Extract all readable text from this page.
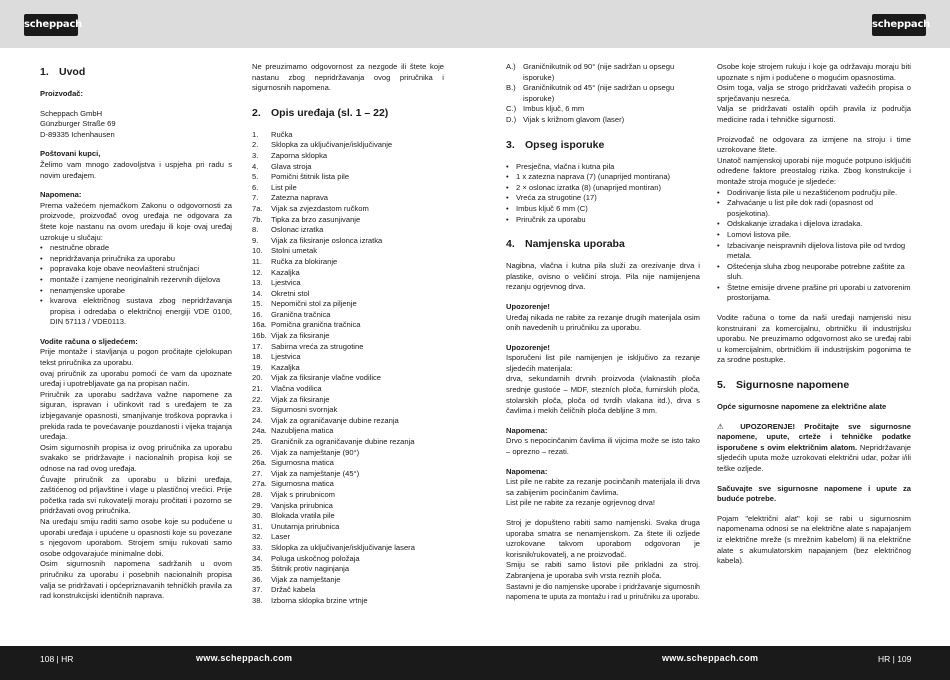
scheppach	scheppach
1. Uvod

Proizvođač:

Scheppach GmbH

Günzburger Straße 69

D-89335 Ichenhausen

Poštovani kupci,

Želimo vam mnogo zadovoljstva i uspjeha pri radu s novim uređajem.

Napomena:

Prema važećem njemačkom Zakonu o odgovornosti za proizvode, proizvođač ovog uređaja ne odgovara za štete koje nastanu na ovom uređaju ili koje ovaj uređaj uzrokuje u slučaju:

• nestručne obrade
• nepridržavanja priručnika za uporabu
• popravaka koje obave neovlašteni stručnjaci
• montaže i zamjene neoriginalnih rezervnih dijelova
• nenamjenske uporabe
• kvarova električnog sustava zbog nepridržavanja propisa i odredaba o električnoj energiji VDE 0100, DIN 57113 / VDE0113.

Vodite računa o sljedećem:

Prije montaže i stavljanja u pogon pročitajte cjelokupan tekst priručnika za uporabu.

ovaj priručnik za uporabu pomoći će vam da upoznate uređaj i upotrebljavate ga na propisan način.

Priručnik za uporabu sadržava važne napomene za siguran, ispravan i učinkovit rad s uređajem te za izbjegavanje opasnosti, smanjivanje troškova popravka i prekida rada te povećavanje pouzdanosti i vijeka trajanja uređaja.

Osim sigurnosnih propisa iz ovog priručnika za uporabu svakako se pridržavajte i nacionalnih propisa koji se odnose na rad ovog uređaja.

Čuvajte priručnik za uporabu u blizini uređaja, zaštićenog od prljavštine i vlage u plastičnoj vrećici. Prije početka rada svi rukovatelji moraju pročitati i pozorno se pridržavati ovog priručnika.

Na uređaju smiju raditi samo osobe koje su podučene u uporabi uređaja i upućene u opasnosti koje su povezane s njegovom uporabom. Strojem smiju rukovati samo osobe odgovarajuće minimalne dobi.

Osim sigurnosnih napomena sadržanih u ovom priručniku za uporabu i posebnih nacionalnih propisa valja se pridržavati i općepriznavanih tehničkih pravila za rad konstrukcijski identičnih naprava.

Ne preuzimamo odgovornost za nezgode ili štete koje nastanu zbog nepridržavanja ovog priručnika i sigurnosnih napomena.

2. Opis uređaja (sl. 1 – 22)
1.	Ručka
2.	Sklopka za uključivanje/isključivanje
3.	Zaporna sklopka
4.	Glava stroja
5.	Pomični štitnik lista pile
6.	List pile
7.	Zatezna naprava
7a.	Vijak sa zvjezdastom ručkom
7b.	Tipka za brzo zasunjivanje
8.	Oslonac izratka
9.	Vijak za fiksiranje oslonca izratka
10.	Stolni umetak
11.	Ručka za blokiranje
12.	Kazaljka
13.	Ljestvica
14.	Okretni stol
15.	Nepomični stol za piljenje
16.	Granična tračnica
16a. Pomična granična tračnica
16b. Vijak za fiksiranje
17.	Sabirna vreća za strugotine
18.	Ljestvica
19.	Kazaljka
20.	Vijak za fiksiranje vlačne vodilice
21.	Vlačna vodilica
22.	Vijak za fiksiranje
23.	Sigurnosni svornjak
24.	Vijak za ograničavanje dubine rezanja
24a. Nazubljena matica
25.	Graničnik za ograničavanje dubine rezanja
26.	Vijak za namještanje (90°)
26a. Sigurnosna matica
27.	Vijak za namještanje (45°)
27a. Sigurnosna matica
28.	Vijak s prirubnicom
29.	Vanjska prirubnica
30.	Blokada vratila pile
31.	Unutarnja prirubnica
32.	Laser
33.	Sklopka za uključivanje/isključivanje lasera
34.	Poluga uskočnog položaja
35.	Štitnik protiv naginjanja
36.	Vijak za namještanje
37.	Držač kabela
38.	Izborna sklopka brzine vrtnje
A.) Graničnikutnik od 90° (nije sadržan u opsegu isporuke)
B.) Graničnikutnik od 45° (nije sadržan u opsegu isporuke)
C.) Imbus ključ, 6 mm
D.) Vijak s križnom glavom (laser)
3. Opseg isporuke
• Presječna, vlačna i kutna pila
• 1 x zatezna naprava (7) (unaprijed montirana)
• 2 × oslonac izratka (8) (unaprijed montiran)
• Vreća za strugotine (17)
• Imbus ključ 6 mm (C)
• Priručnik za uporabu
4. Namjenska uporaba

Nagibna, vlačna i kutna pila služi za orezivanje drva i plastike, ovisno o veličini stroja. Pila nije namijenjena rezanju ogrjevnog drva.

Upozorenje!

Uređaj nikada ne rabite za rezanje drugih materijala osim onih navedenih u priručniku za uporabu.

Upozorenje!

Isporučeni list pile namijenjen je isključivo za rezanje sljedećih materijala:

drva, sekundarnih drvnih proizvoda (vlaknastih ploča srednje gustoće – MDF, stezních ploča, furnirskih ploča, stolarskih ploča, ploča od tvrdih vlakana itd.), drva s čavlima i mekih čeličnih ploča debljine 3 mm.

Napomena:

Drvo s nepocinčanim čavlima ili vijcima može se isto tako – oprezno – rezati.

Napomena:

List pile ne rabite za rezanje pocinčanih materijala ili drva sa zabijenim pocinčanim čavlima.

List pile ne rabite za rezanje ogrjevnog drva!

Stroj je dopušteno rabiti samo namjenski. Svaka druga uporaba smatra se nenamjenskom. Za štete ili ozljede uzrokovane takvom uporabom odgovoran je korisnik/rukovatelj, a ne proizvođač.

Smiju se rabiti samo listovi pile prikladni za stroj. Zabranjena je uporaba svih vrsta reznih ploča.

Sastavni je dio namjenske uporabe i pridržavanje sigurnosnih napomena te uputa za montažu i rad u priručniku za uporabu.

Osobe koje strojem rukuju i koje ga održavaju moraju biti upoznate s njim i podučene o mogućim opasnostima.

Osim toga, valja se strogo pridržavati važećih propisa o sprječavanju nesreća.

Valja se pridržavati ostalih općih pravila iz područja medicine rada i tehničke sigurnosti.

Proizvođač ne odgovara za izmjene na stroju i time uzrokovane štete.

Unatoč namjenskoj uporabi nije moguće potpuno isključiti određene faktore preostalog rizika. Zbog konstrukcije i montaže stroja moguće je sljedeće:

• Dodirivanje lista pile u nezaštićenom području pile.
• Zahvaćanje u list pile dok radi (opasnost od posjekotina).
• Odskakanje izradaka i dijelova izradaka.
• Lomovi listova pile.
• Izbacivanje neispravnih dijelova listova pile od tvrdog metala.
• Oštećenja sluha zbog neuporabe potrebne zaštite za sluh.
• Štetne emisije drvene prašine pri uporabi u zatvorenim prostorijama.

Vodite računa o tome da naši uređaji namjenski nisu konstruirani za komercijalnu, obrtničku ili industrijsku uporabu. Ne preuzimamo odgovornost ako se uređaj rabi u komercijalnim, obrtničkim ili industrijskim pogonima te za srodne postupke.

5. Sigurnosne napomene

Opće sigurnosne napomene za električne alate

⚠ UPOZORENJE! Pročitajte sve sigurnosne napomene, upute, crteže i tehničke podatke isporučene s ovim električnim alatom. Nepridržavanje sljedećih uputa može uzrokovati električni udar, požar i/ili teške ozljede.

Sačuvajte sve sigurnosne napomene i upute za buduće potrebe.

Pojam "električni alat" koji se rabi u sigurnosnim napomenama odnosi se na električne alate s napajanjem iz električne mreže (s mrežnim kabelom) ili na električne alate s akumulatorskim napajanjem (bez električnog kabela).

108 | HR	www.scheppach.com	www.scheppach.com	HR | 109
